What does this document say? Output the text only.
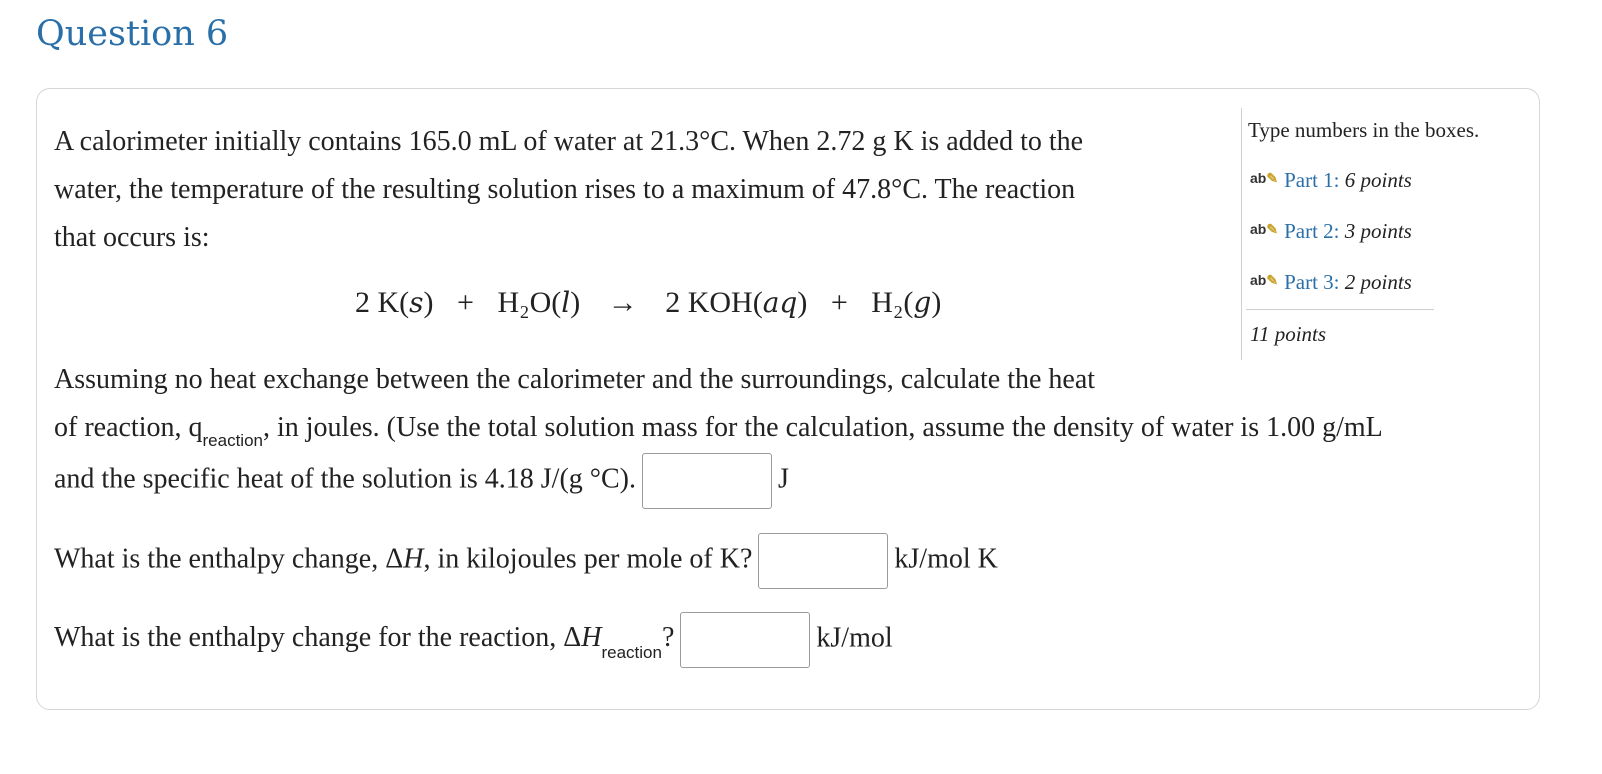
Question 6
A calorimeter initially contains 165.0 mL of water at 21.3°C. When 2.72 g K is added to the
water, the temperature of the resulting solution rises to a maximum of 47.8°C. The reaction
that occurs is:
2 K(s) + H₂O(l) → 2 KOH(aq) + H₂(g)
Assuming no heat exchange between the calorimeter and the surroundings, calculate the heat
of reaction, $q_{reaction}$, in joules. (Use the total solution mass for the calculation, assume the density of water is 1.00 g/mL
and the specific heat of the solution is 4.18 J/(g °C).	J
What is the enthalpy change, ΔH, in kilojoules per mole of K?	kJ/mol K
What is the enthalpy change for the reaction, $\Delta H_{reaction}$?	kJ/mol
Type numbers in the boxes.
ab✎ Part 1: 6 points
ab✎ Part 2: 3 points
ab✎ Part 3: 2 points
11 points
